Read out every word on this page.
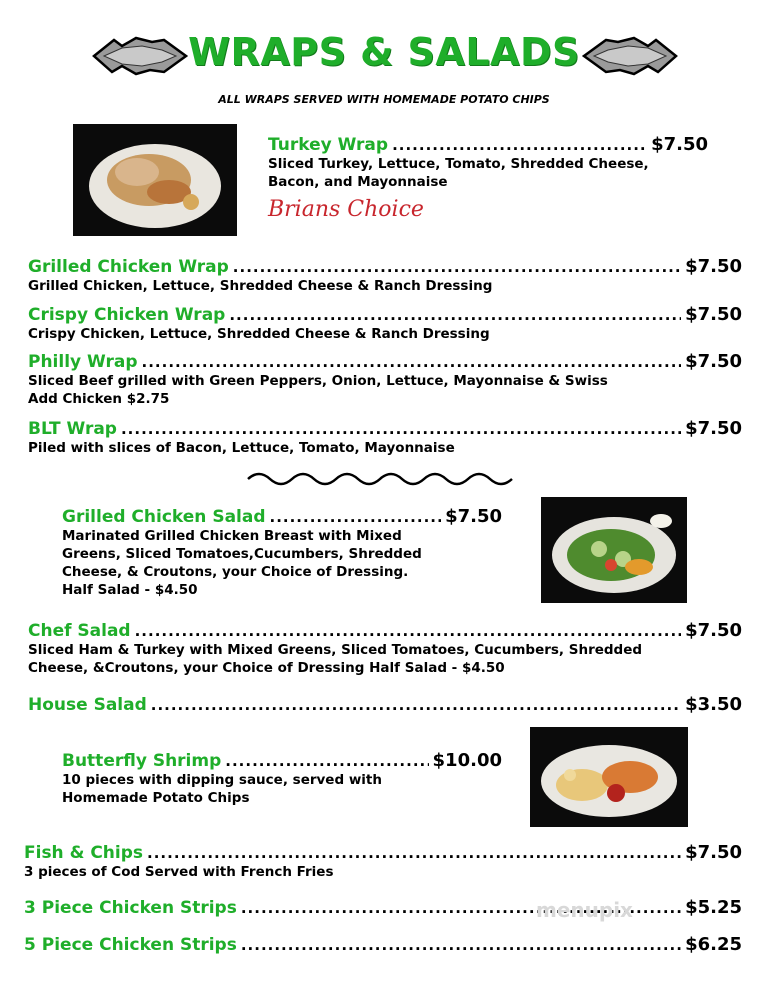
WRAPS & SALADS
ALL WRAPS SERVED WITH HOMEMADE POTATO CHIPS
Turkey Wrap .....	$7.50
Sliced Turkey, Lettuce, Tomato, Shredded Cheese,
Bacon, and Mayonnaise
Brians Choice
Grilled Chicken Wrap .....	$7.50
Grilled Chicken, Lettuce, Shredded Cheese & Ranch Dressing
Crispy Chicken Wrap .....	$7.50
Crispy Chicken, Lettuce, Shredded Cheese & Ranch Dressing
Philly Wrap .....	$7.50
Sliced Beef grilled with Green Peppers, Onion, Lettuce, Mayonnaise & Swiss
Add Chicken $2.75
BLT Wrap .....	$7.50
Piled with slices of Bacon, Lettuce, Tomato, Mayonnaise
Grilled Chicken Salad .....	$7.50
Marinated Grilled Chicken Breast with Mixed
Greens, Sliced Tomatoes,Cucumbers, Shredded
Cheese, & Croutons, your Choice of Dressing.
Half Salad - $4.50
Chef Salad .....	$7.50
Sliced Ham & Turkey with Mixed Greens, Sliced Tomatoes, Cucumbers, Shredded
Cheese, &Croutons, your Choice of Dressing Half Salad - $4.50
House Salad .....	$3.50
Butterfly Shrimp .....	$10.00
10 pieces with dipping sauce, served with
Homemade Potato Chips
Fish & Chips .....	$7.50
3 pieces of Cod Served with French Fries
3 Piece Chicken Strips .....	$5.25
5 Piece Chicken Strips .....	$6.25
menupix
